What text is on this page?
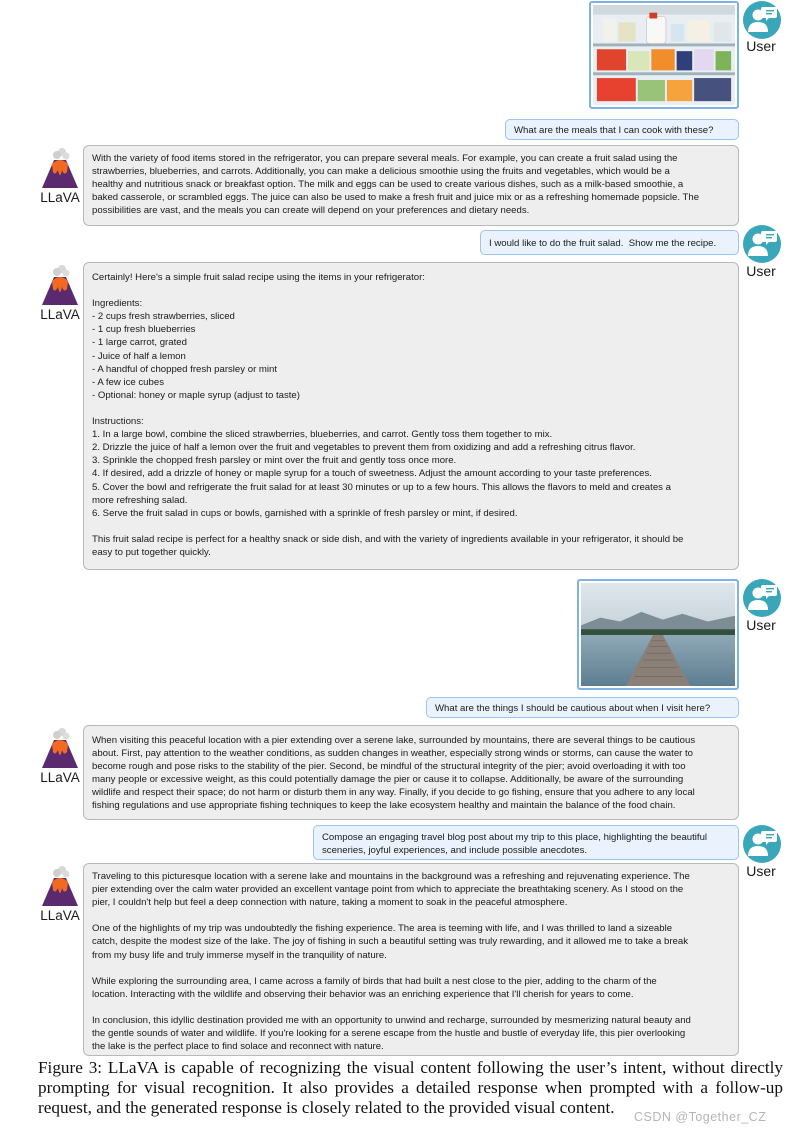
User
What are the meals that I can cook with these?
LLaVA
With the variety of food items stored in the refrigerator, you can prepare several meals. For example, you can create a fruit salad using the
strawberries, blueberries, and carrots. Additionally, you can make a delicious smoothie using the fruits and vegetables, which would be a
healthy and nutritious snack or breakfast option. The milk and eggs can be used to create various dishes, such as a milk-based smoothie, a
baked casserole, or scrambled eggs. The juice can also be used to make a fresh fruit and juice mix or as a refreshing homemade popsicle. The
possibilities are vast, and the meals you can create will depend on your preferences and dietary needs.
User
I would like to do the fruit salad.  Show me the recipe.
LLaVA
Certainly! Here's a simple fruit salad recipe using the items in your refrigerator:

Ingredients:
- 2 cups fresh strawberries, sliced
- 1 cup fresh blueberries
- 1 large carrot, grated
- Juice of half a lemon
- A handful of chopped fresh parsley or mint
- A few ice cubes
- Optional: honey or maple syrup (adjust to taste)

Instructions:
1. In a large bowl, combine the sliced strawberries, blueberries, and carrot. Gently toss them together to mix.
2. Drizzle the juice of half a lemon over the fruit and vegetables to prevent them from oxidizing and add a refreshing citrus flavor.
3. Sprinkle the chopped fresh parsley or mint over the fruit and gently toss once more.
4. If desired, add a drizzle of honey or maple syrup for a touch of sweetness. Adjust the amount according to your taste preferences.
5. Cover the bowl and refrigerate the fruit salad for at least 30 minutes or up to a few hours. This allows the flavors to meld and creates a
more refreshing salad.
6. Serve the fruit salad in cups or bowls, garnished with a sprinkle of fresh parsley or mint, if desired.

This fruit salad recipe is perfect for a healthy snack or side dish, and with the variety of ingredients available in your refrigerator, it should be
easy to put together quickly.
User
What are the things I should be cautious about when I visit here?
LLaVA
When visiting this peaceful location with a pier extending over a serene lake, surrounded by mountains, there are several things to be cautious
about. First, pay attention to the weather conditions, as sudden changes in weather, especially strong winds or storms, can cause the water to
become rough and pose risks to the stability of the pier. Second, be mindful of the structural integrity of the pier; avoid overloading it with too
many people or excessive weight, as this could potentially damage the pier or cause it to collapse. Additionally, be aware of the surrounding
wildlife and respect their space; do not harm or disturb them in any way. Finally, if you decide to go fishing, ensure that you adhere to any local
fishing regulations and use appropriate fishing techniques to keep the lake ecosystem healthy and maintain the balance of the food chain.
User
Compose an engaging travel blog post about my trip to this place, highlighting the beautiful
sceneries, joyful experiences, and include possible anecdotes.
LLaVA
Traveling to this picturesque location with a serene lake and mountains in the background was a refreshing and rejuvenating experience. The
pier extending over the calm water provided an excellent vantage point from which to appreciate the breathtaking scenery. As I stood on the
pier, I couldn't help but feel a deep connection with nature, taking a moment to soak in the peaceful atmosphere.

One of the highlights of my trip was undoubtedly the fishing experience. The area is teeming with life, and I was thrilled to land a sizeable
catch, despite the modest size of the lake. The joy of fishing in such a beautiful setting was truly rewarding, and it allowed me to take a break
from my busy life and truly immerse myself in the tranquility of nature.

While exploring the surrounding area, I came across a family of birds that had built a nest close to the pier, adding to the charm of the
location. Interacting with the wildlife and observing their behavior was an enriching experience that I'll cherish for years to come.

In conclusion, this idyllic destination provided me with an opportunity to unwind and recharge, surrounded by mesmerizing natural beauty and
the gentle sounds of water and wildlife. If you're looking for a serene escape from the hustle and bustle of everyday life, this pier overlooking
the lake is the perfect place to find solace and reconnect with nature.
Figure 3: LLaVA is capable of recognizing the visual content following the user’s intent, without directly prompting for visual recognition. It also provides a detailed response when prompted with a follow-up request, and the generated response is closely related to the provided visual content.	CSDN @Together_CZ
